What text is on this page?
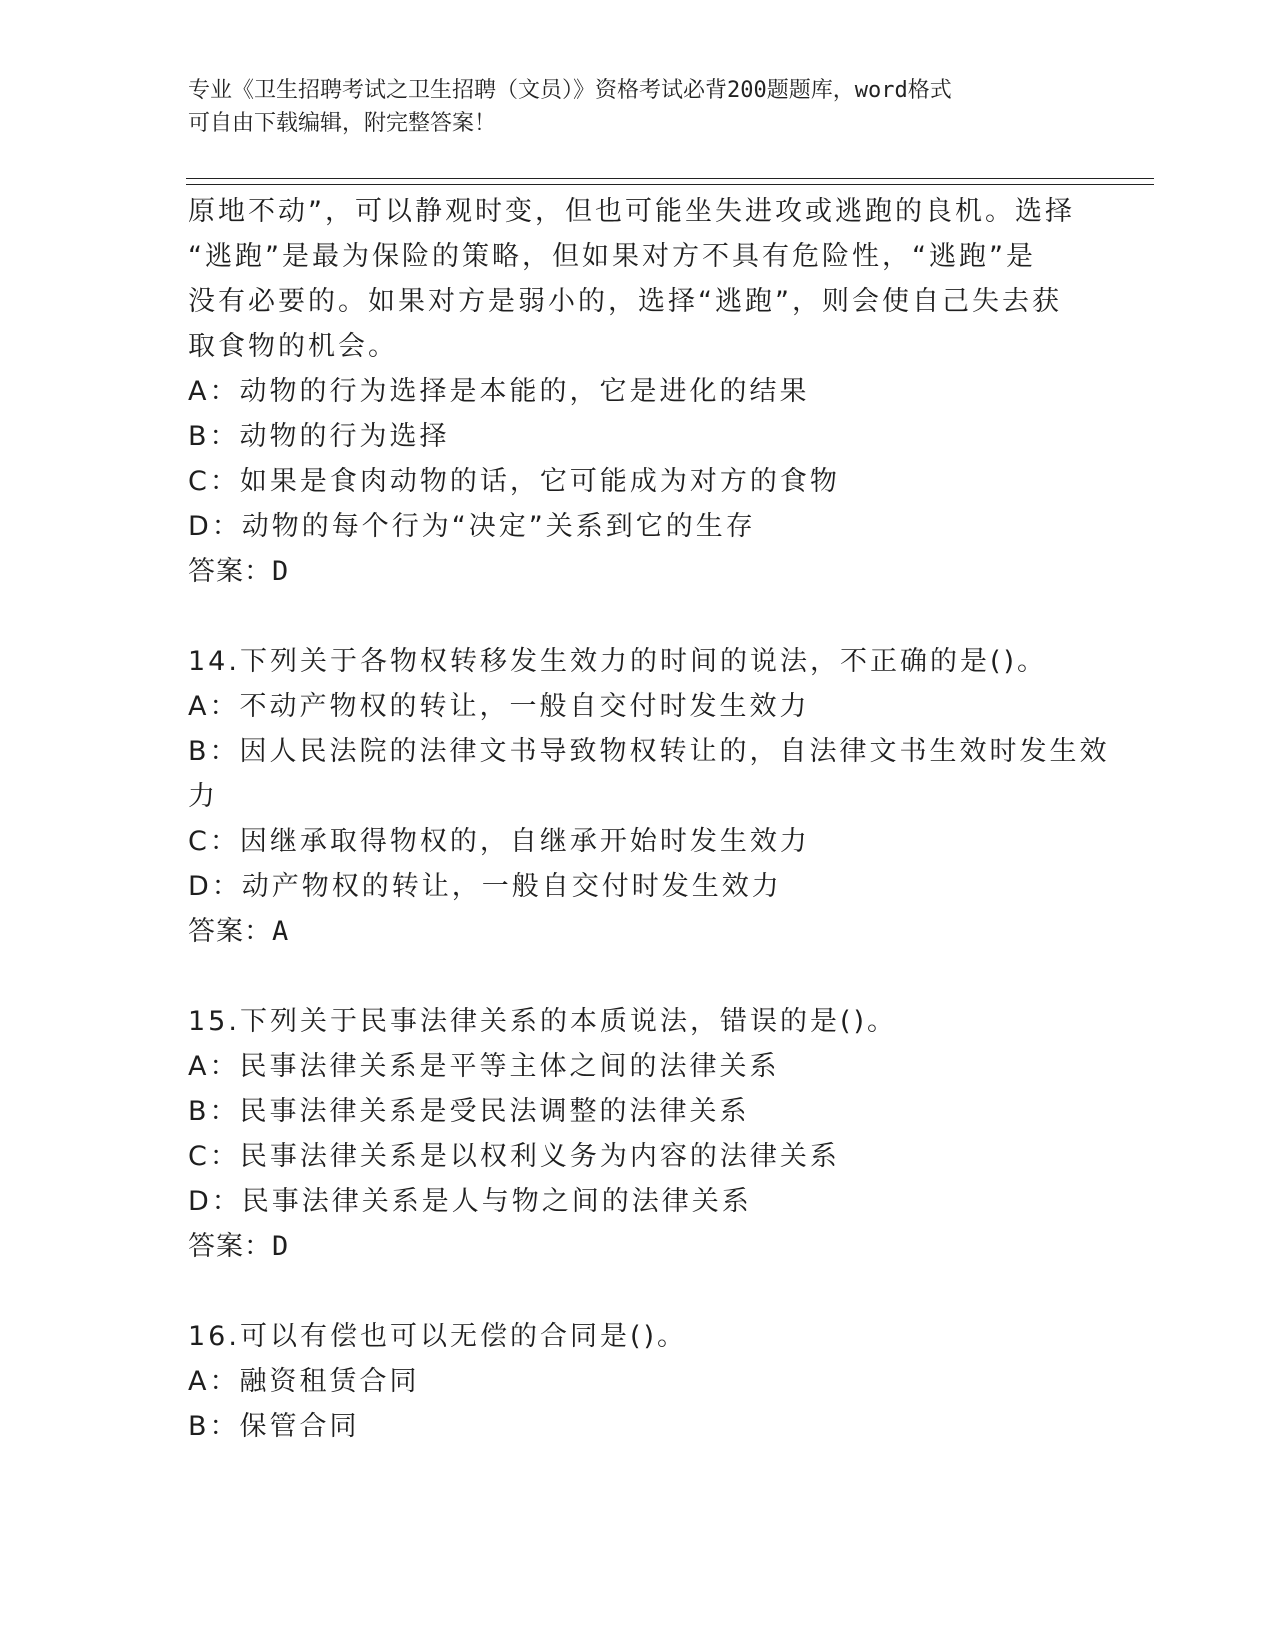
专业《卫生招聘考试之卫生招聘（文员）》资格考试必背200题题库，word格式
可自由下载编辑，附完整答案！
原地不动”，可以静观时变，但也可能坐失进攻或逃跑的良机。选择
“逃跑”是最为保险的策略，但如果对方不具有危险性，“逃跑”是
没有必要的。如果对方是弱小的，选择“逃跑”，则会使自己失去获
取食物的机会。
A：动物的行为选择是本能的，它是进化的结果
B：动物的行为选择
C：如果是食肉动物的话，它可能成为对方的食物
D：动物的每个行为“决定”关系到它的生存
答案：D
14.下列关于各物权转移发生效力的时间的说法，不正确的是()。
A：不动产物权的转让，一般自交付时发生效力
B：因人民法院的法律文书导致物权转让的，自法律文书生效时发生效
力
C：因继承取得物权的，自继承开始时发生效力
D：动产物权的转让，一般自交付时发生效力
答案：A
15.下列关于民事法律关系的本质说法，错误的是()。
A：民事法律关系是平等主体之间的法律关系
B：民事法律关系是受民法调整的法律关系
C：民事法律关系是以权利义务为内容的法律关系
D：民事法律关系是人与物之间的法律关系
答案：D
16.可以有偿也可以无偿的合同是()。
A：融资租赁合同
B：保管合同
